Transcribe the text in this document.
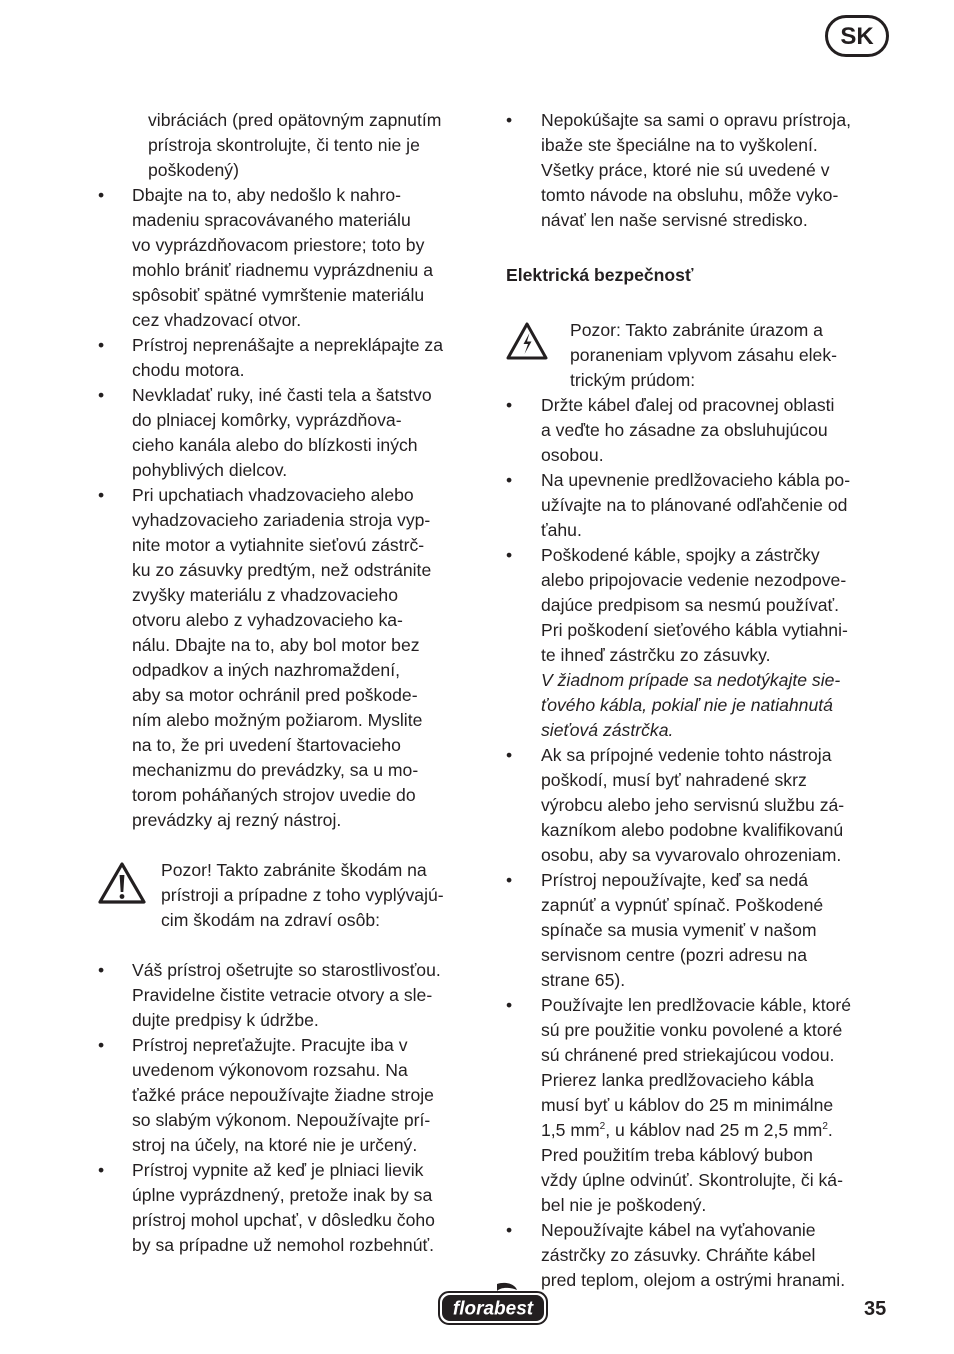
SK
vibráciách (pred opätovným zapnutím
prístroja skontrolujte, či tento nie je
poškodený)
• Dbajte na to, aby nedošlo k nahro-
madeniu spracovávaného materiálu
vo vyprázdňovacom priestore; toto by
mohlo brániť riadnemu vyprázdneniu a
spôsobiť spätné vymrštenie materiálu
cez vhadzovací otvor.
• Prístroj neprenášajte a nepreklápajte za
chodu motora.
• Nevkladať ruky, iné časti tela a šatstvo
do plniacej komôrky, vyprázdňova-
cieho kanála alebo do blízkosti iných
pohyblivých dielcov.
• Pri upchatiach vhadzovacieho alebo
vyhadzovacieho zariadenia stroja vyp-
nite motor a vytiahnite sieťovú zástrč-
ku zo zásuvky predtým, než odstránite
zvyšky materiálu z vhadzovacieho
otvoru alebo z vyhadzovacieho ka-
nálu. Dbajte na to, aby bol motor bez
odpadkov a iných nazhromaždení,
aby sa motor ochránil pred poškode-
ním alebo možným požiarom. Myslite
na to, že pri uvedení štartovacieho
mechanizmu do prevádzky, sa u mo-
torom poháňaných strojov uvedie do
prevádzky aj rezný nástroj.
Pozor! Takto zabránite škodám na
prístroji a prípadne z toho vyplývajú-
cim škodám na zdraví osôb:
• Váš prístroj ošetrujte so starostlivosťou.
Pravidelne čistite vetracie otvory a sle-
dujte predpisy k údržbe.
• Prístroj nepreťažujte. Pracujte iba v
uvedenom výkonovom rozsahu. Na
ťažké práce nepoužívajte žiadne stroje
so slabým výkonom. Nepoužívajte prí-
stroj na účely, na ktoré nie je určený.
• Prístroj vypnite až keď je plniaci lievik
úplne vyprázdnený, pretože inak by sa
prístroj mohol upchať, v dôsledku čoho
by sa prípadne už nemohol rozbehnúť.
• Nepokúšajte sa sami o opravu prístroja,
ibaže ste špeciálne na to vyškolení.
Všetky práce, ktoré nie sú uvedené v
tomto návode na obsluhu, môže vyko-
návať len naše servisné stredisko.
Elektrická bezpečnosť
Pozor: Takto zabránite úrazom a
poraneniam vplyvom zásahu elek-
trickým prúdom:
• Držte kábel ďalej od pracovnej oblasti
a veďte ho zásadne za obsluhujúcou
osobou.
• Na upevnenie predlžovacieho kábla po-
užívajte na to plánované odľahčenie od
ťahu.
• Poškodené káble, spojky a zástrčky
alebo pripojovacie vedenie nezodpove-
dajúce predpisom sa nesmú používať.
Pri poškodení sieťového kábla vytiahni-
te ihneď zástrčku zo zásuvky.
V žiadnom prípade sa nedotýkajte sie-
ťového kábla, pokiaľ nie je natiahnutá
sieťová zástrčka.
• Ak sa prípojné vedenie tohto nástroja
poškodí, musí byť nahradené skrz
výrobcu alebo jeho servisnú službu zá-
kazníkom alebo podobne kvalifikovanú
osobu, aby sa vyvarovalo ohrozeniam.
• Prístroj nepoužívajte, keď sa nedá
zapnúť a vypnúť spínač. Poškodené
spínače sa musia vymeniť v našom
servisnom centre (pozri adresu na
strane 65).
• Používajte len predlžovacie káble, ktoré
sú pre použitie vonku povolené a ktoré
sú chránené pred striekajúcou vodou.
Prierez lanka predlžovacieho kábla
musí byť u káblov do 25 m minimálne
1,5 $mm^2$, u káblov nad 25 m 2,5 $mm^2$.
Pred použitím treba káblový bubon
vždy úplne odvinúť. Skontrolujte, či ká-
bel nie je poškodený.
• Nepoužívajte kábel na vyťahovanie
zástrčky zo zásuvky. Chráňte kábel
pred teplom, olejom a ostrými hranami.
florabest	35
